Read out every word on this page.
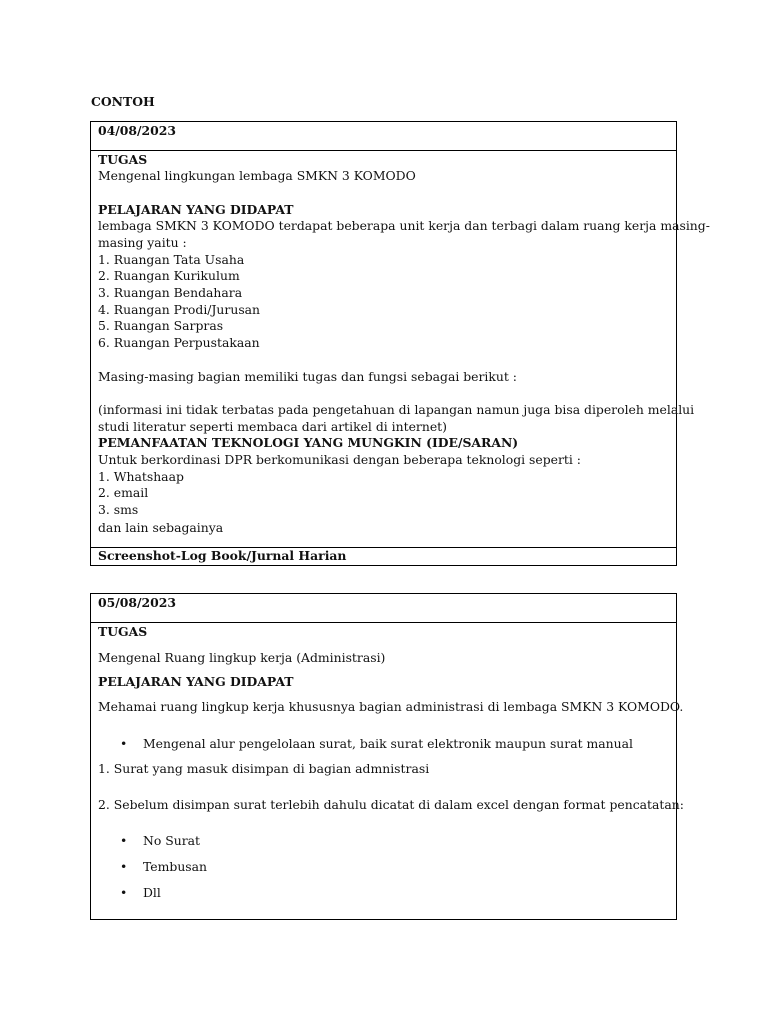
CONTOH
04/08/2023
TUGAS
Mengenal lingkungan lembaga SMKN 3 KOMODO
PELAJARAN YANG DIDAPAT
lembaga SMKN 3 KOMODO terdapat beberapa unit kerja dan terbagi dalam ruang kerja masing-
masing yaitu :
1. Ruangan Tata Usaha
2. Ruangan Kurikulum
3. Ruangan Bendahara
4. Ruangan Prodi/Jurusan
5. Ruangan Sarpras
6. Ruangan Perpustakaan
Masing-masing bagian memiliki tugas dan fungsi sebagai berikut :
(informasi ini tidak terbatas pada pengetahuan di lapangan namun juga bisa diperoleh melalui
studi literatur seperti membaca dari artikel di internet)
PEMANFAATAN TEKNOLOGI YANG MUNGKIN (IDE/SARAN)
Untuk berkordinasi DPR berkomunikasi dengan beberapa teknologi seperti :
1. Whatshaap
2. email
3. sms
dan lain sebagainya
Screenshot-Log Book/Jurnal Harian
05/08/2023
TUGAS
Mengenal Ruang lingkup kerja (Administrasi)
PELAJARAN YANG DIDAPAT
Mehamai ruang lingkup kerja khususnya bagian administrasi di lembaga SMKN 3 KOMODO.
• Mengenal alur pengelolaan surat, baik surat elektronik maupun surat manual
1. Surat yang masuk disimpan di bagian admnistrasi
2. Sebelum disimpan surat terlebih dahulu dicatat di dalam excel dengan format pencatatan:
• No Surat
• Tembusan
• Dll
